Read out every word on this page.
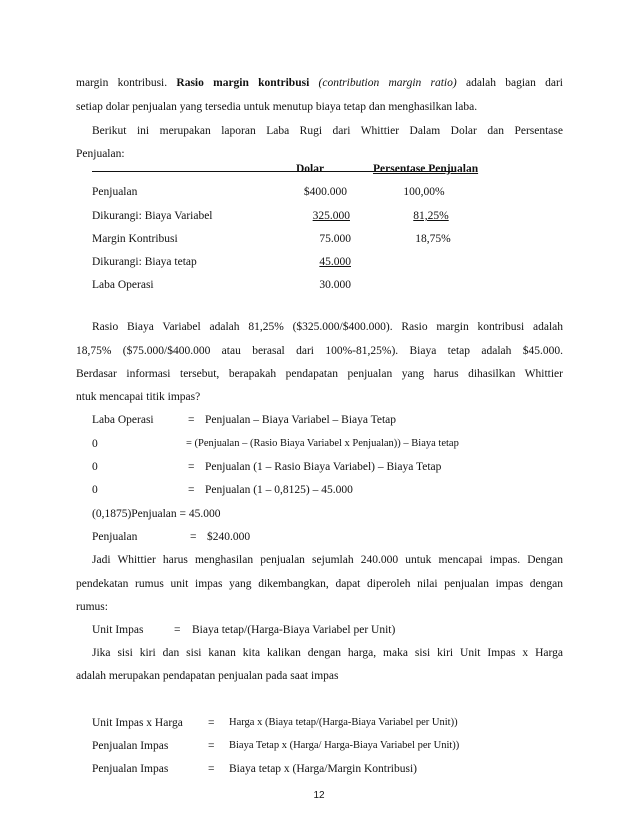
margin kontribusi. Rasio margin kontribusi (contribution margin ratio) adalah bagian dari
setiap dolar penjualan yang tersedia untuk menutup biaya tetap dan menghasilkan laba.
Berikut ini merupakan laporan Laba Rugi dari Whittier Dalam Dolar dan Persentase
Penjualan:
Dolar	Persentase Penjualan
Penjualan	$400.000	100,00%
Dikurangi: Biaya Variabel	325.000	81,25%
Margin Kontribusi	75.000	18,75%
Dikurangi: Biaya tetap	45.000
Laba Operasi	30.000
Rasio Biaya Variabel adalah 81,25% ($325.000/$400.000). Rasio margin kontribusi adalah
18,75% ($75.000/$400.000 atau berasal dari 100%-81,25%). Biaya tetap adalah $45.000.
Berdasar informasi tersebut, berapakah pendapatan penjualan yang harus dihasilkan Whittier
ntuk mencapai titik impas?
Laba Operasi	= Penjualan – Biaya Variabel – Biaya Tetap
0	= (Penjualan – (Rasio Biaya Variabel x Penjualan)) – Biaya tetap
0	= Penjualan (1 – Rasio Biaya Variabel) – Biaya Tetap
0	= Penjualan (1 – 0,8125) – 45.000
(0,1875)Penjualan = 45.000
Penjualan	= $240.000
Jadi Whittier harus menghasilan penjualan sejumlah 240.000 untuk mencapai impas. Dengan
pendekatan rumus unit impas yang dikembangkan, dapat diperoleh nilai penjualan impas dengan
rumus:
Unit Impas	= Biaya tetap/(Harga-Biaya Variabel per Unit)
Jika sisi kiri dan sisi kanan kita kalikan dengan harga, maka sisi kiri Unit Impas x Harga
adalah merupakan pendapatan penjualan pada saat impas
Unit Impas x Harga = Harga x (Biaya tetap/(Harga-Biaya Variabel per Unit))
Penjualan Impas	= Biaya Tetap x (Harga/ Harga-Biaya Variabel per Unit))
Penjualan Impas	= Biaya tetap x (Harga/Margin Kontribusi)
12
